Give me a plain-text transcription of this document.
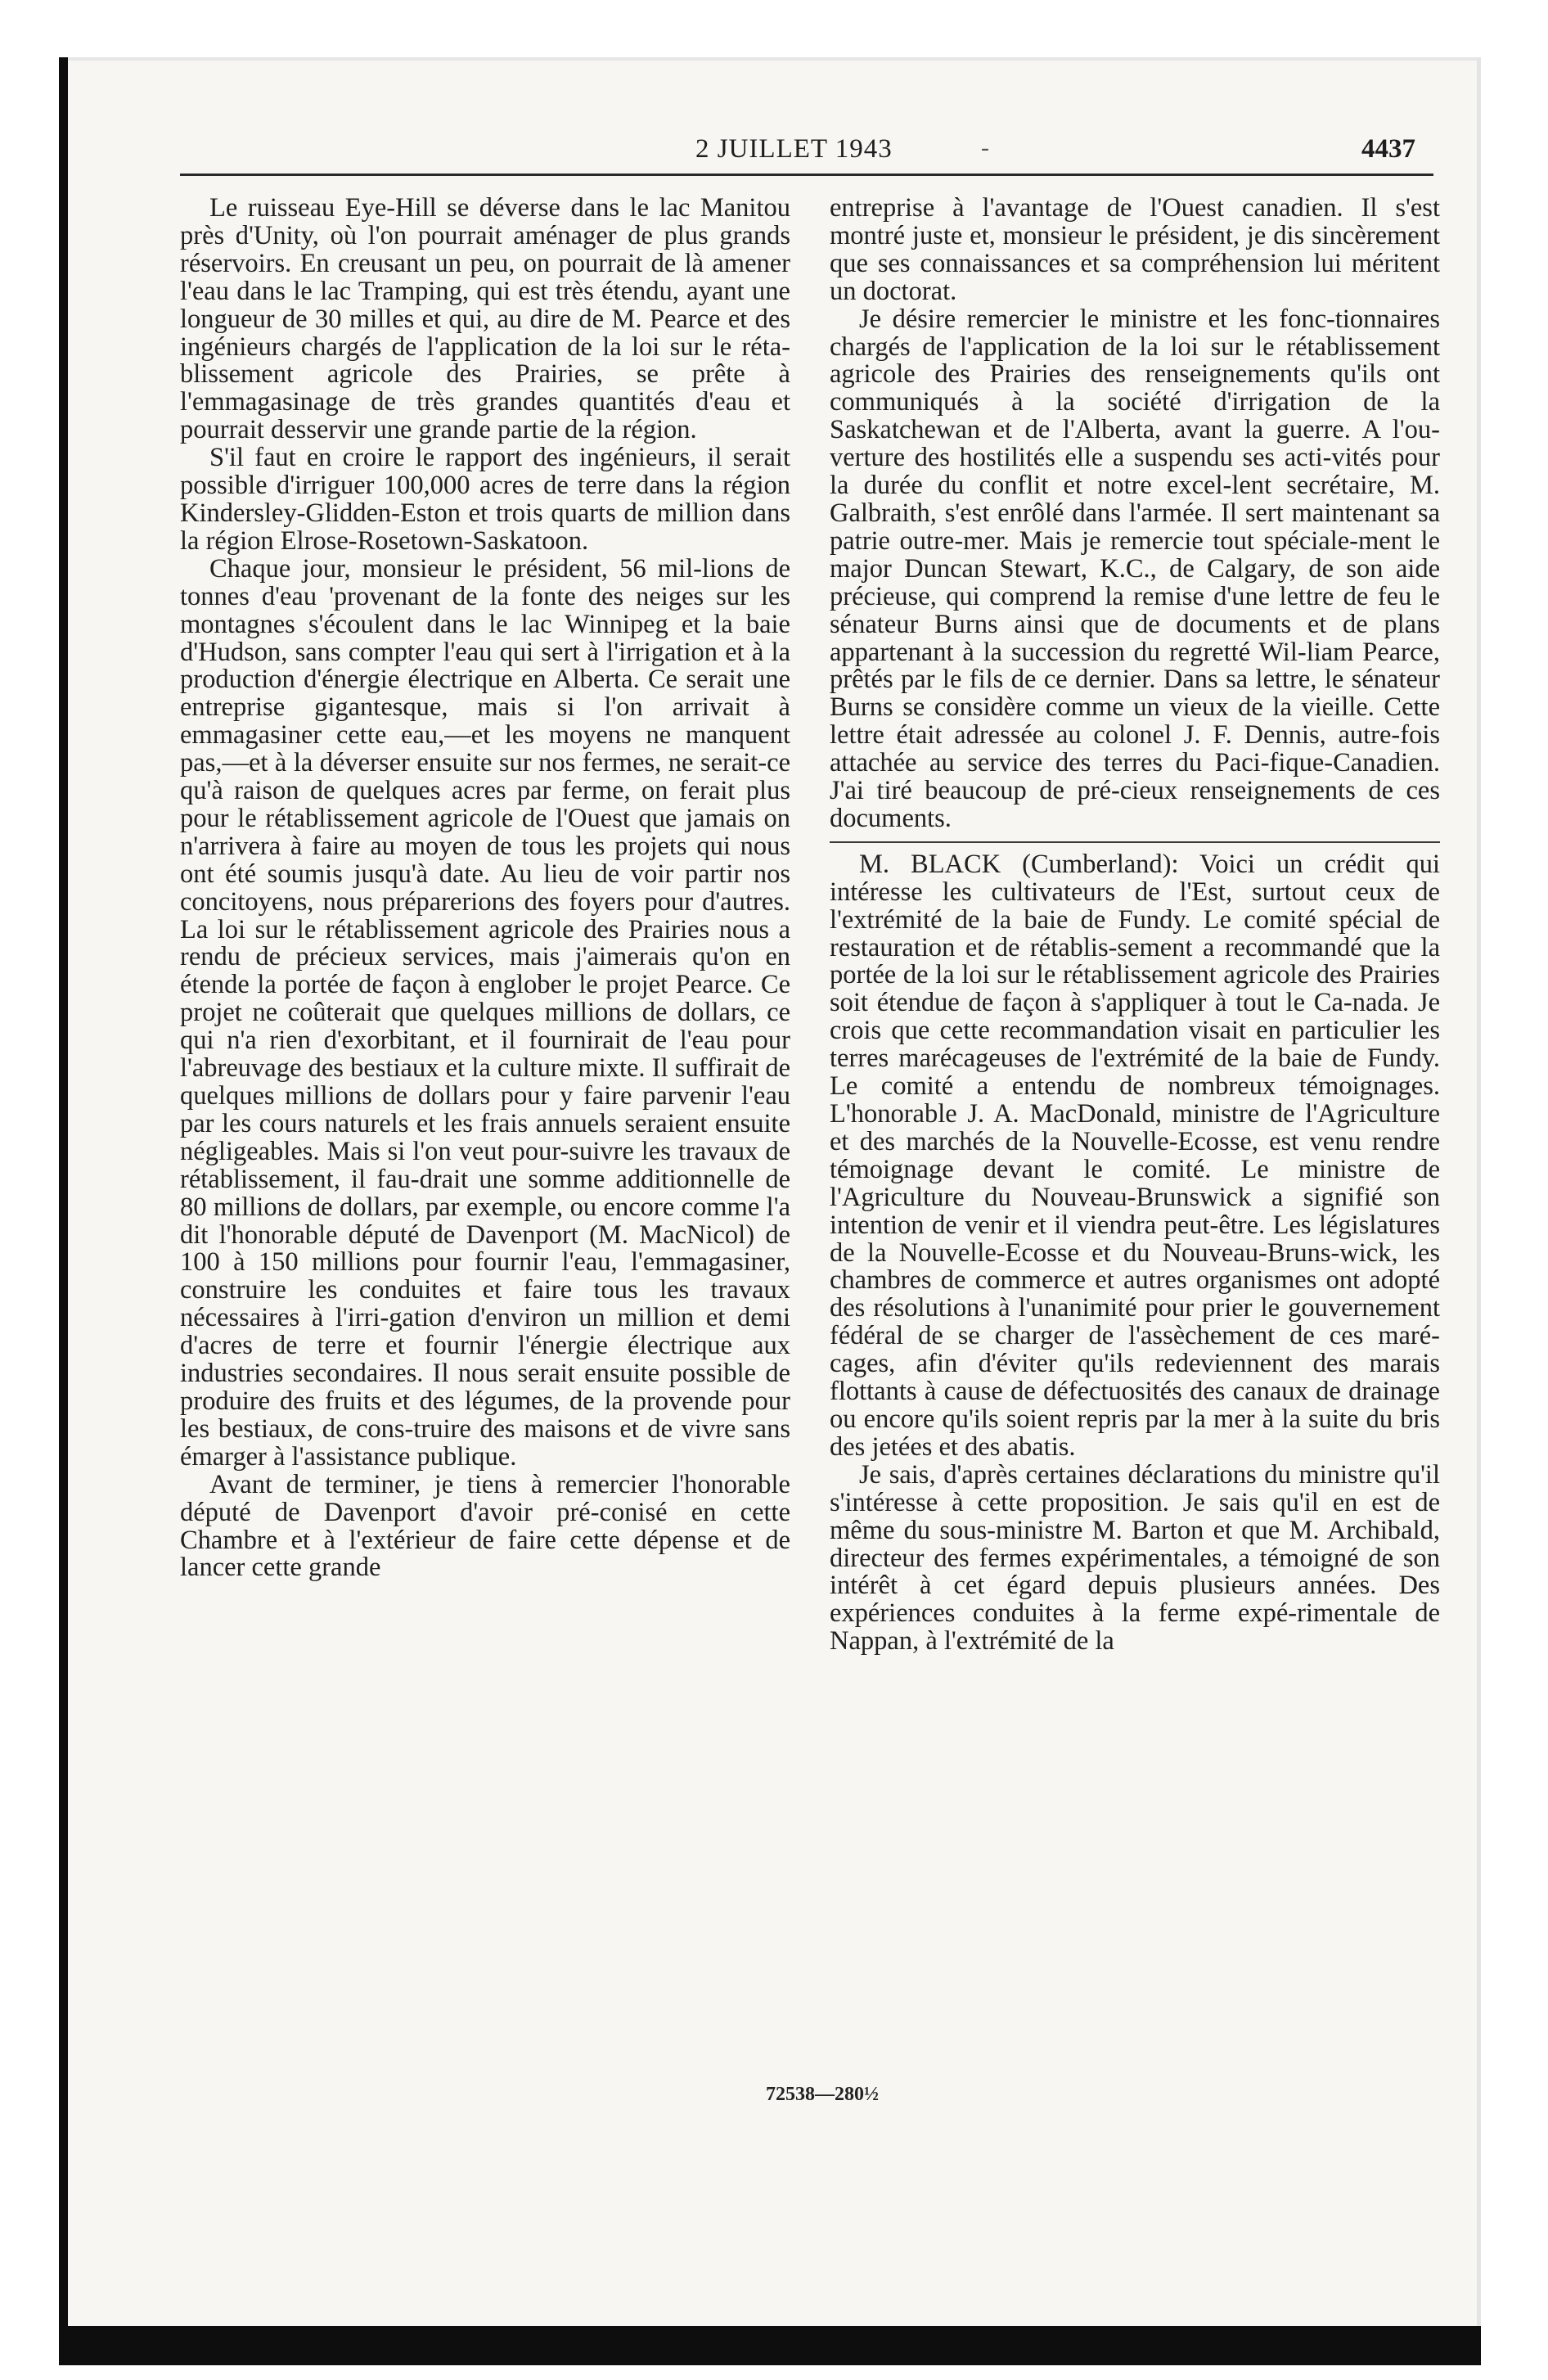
2 JUILLET 1943	-	4437

Le ruisseau Eye-Hill se déverse dans le lac Manitou près d'Unity, où l'on pourrait aménager de plus grands réservoirs. En creusant un peu, on pourrait de là amener l'eau dans le lac Tramping, qui est très étendu, ayant une longueur de 30 milles et qui, au dire de M. Pearce et des ingénieurs chargés de l'application de la loi sur le réta-blissement agricole des Prairies, se prête à l'emmagasinage de très grandes quantités d'eau et pourrait desservir une grande partie de la région.

S'il faut en croire le rapport des ingénieurs, il serait possible d'irriguer 100,000 acres de terre dans la région Kindersley-Glidden-Eston et trois quarts de million dans la région Elrose-Rosetown-Saskatoon.

Chaque jour, monsieur le président, 56 mil-lions de tonnes d'eau 'provenant de la fonte des neiges sur les montagnes s'écoulent dans le lac Winnipeg et la baie d'Hudson, sans compter l'eau qui sert à l'irrigation et à la production d'énergie électrique en Alberta. Ce serait une entreprise gigantesque, mais si l'on arrivait à emmagasiner cette eau,—et les moyens ne manquent pas,—et à la déverser ensuite sur nos fermes, ne serait-ce qu'à raison de quelques acres par ferme, on ferait plus pour le rétablissement agricole de l'Ouest que jamais on n'arrivera à faire au moyen de tous les projets qui nous ont été soumis jusqu'à date. Au lieu de voir partir nos concitoyens, nous préparerions des foyers pour d'autres. La loi sur le rétablissement agricole des Prairies nous a rendu de précieux services, mais j'aimerais qu'on en étende la portée de façon à englober le projet Pearce. Ce projet ne coûterait que quelques millions de dollars, ce qui n'a rien d'exorbitant, et il fournirait de l'eau pour l'abreuvage des bestiaux et la culture mixte. Il suffirait de quelques millions de dollars pour y faire parvenir l'eau par les cours naturels et les frais annuels seraient ensuite négligeables. Mais si l'on veut pour-suivre les travaux de rétablissement, il fau-drait une somme additionnelle de 80 millions de dollars, par exemple, ou encore comme l'a dit l'honorable député de Davenport (M. MacNicol) de 100 à 150 millions pour fournir l'eau, l'emmagasiner, construire les conduites et faire tous les travaux nécessaires à l'irri-gation d'environ un million et demi d'acres de terre et fournir l'énergie électrique aux industries secondaires. Il nous serait ensuite possible de produire des fruits et des légumes, de la provende pour les bestiaux, de cons-truire des maisons et de vivre sans émarger à l'assistance publique.

Avant de terminer, je tiens à remercier l'honorable député de Davenport d'avoir pré-conisé en cette Chambre et à l'extérieur de faire cette dépense et de lancer cette grande

entreprise à l'avantage de l'Ouest canadien. Il s'est montré juste et, monsieur le président, je dis sincèrement que ses connaissances et sa compréhension lui méritent un doctorat.

Je désire remercier le ministre et les fonc-tionnaires chargés de l'application de la loi sur le rétablissement agricole des Prairies des renseignements qu'ils ont communiqués à la société d'irrigation de la Saskatchewan et de l'Alberta, avant la guerre. A l'ou-verture des hostilités elle a suspendu ses acti-vités pour la durée du conflit et notre excel-lent secrétaire, M. Galbraith, s'est enrôlé dans l'armée. Il sert maintenant sa patrie outre-mer. Mais je remercie tout spéciale-ment le major Duncan Stewart, K.C., de Calgary, de son aide précieuse, qui comprend la remise d'une lettre de feu le sénateur Burns ainsi que de documents et de plans appartenant à la succession du regretté Wil-liam Pearce, prêtés par le fils de ce dernier. Dans sa lettre, le sénateur Burns se considère comme un vieux de la vieille. Cette lettre était adressée au colonel J. F. Dennis, autre-fois attachée au service des terres du Paci-fique-Canadien. J'ai tiré beaucoup de pré-cieux renseignements de ces documents.

M. BLACK (Cumberland): Voici un crédit qui intéresse les cultivateurs de l'Est, surtout ceux de l'extrémité de la baie de Fundy. Le comité spécial de restauration et de rétablis-sement a recommandé que la portée de la loi sur le rétablissement agricole des Prairies soit étendue de façon à s'appliquer à tout le Ca-nada. Je crois que cette recommandation visait en particulier les terres marécageuses de l'extrémité de la baie de Fundy. Le comité a entendu de nombreux témoignages. L'honorable J. A. MacDonald, ministre de l'Agriculture et des marchés de la Nouvelle-Ecosse, est venu rendre témoignage devant le comité. Le ministre de l'Agriculture du Nouveau-Brunswick a signifié son intention de venir et il viendra peut-être. Les législatures de la Nouvelle-Ecosse et du Nouveau-Bruns-wick, les chambres de commerce et autres organismes ont adopté des résolutions à l'unanimité pour prier le gouvernement fédéral de se charger de l'assèchement de ces maré-cages, afin d'éviter qu'ils redeviennent des marais flottants à cause de défectuosités des canaux de drainage ou encore qu'ils soient repris par la mer à la suite du bris des jetées et des abatis.

Je sais, d'après certaines déclarations du ministre qu'il s'intéresse à cette proposition. Je sais qu'il en est de même du sous-ministre M. Barton et que M. Archibald, directeur des fermes expérimentales, a témoigné de son intérêt à cet égard depuis plusieurs années. Des expériences conduites à la ferme expé-rimentale de Nappan, à l'extrémité de la

72538—280½
